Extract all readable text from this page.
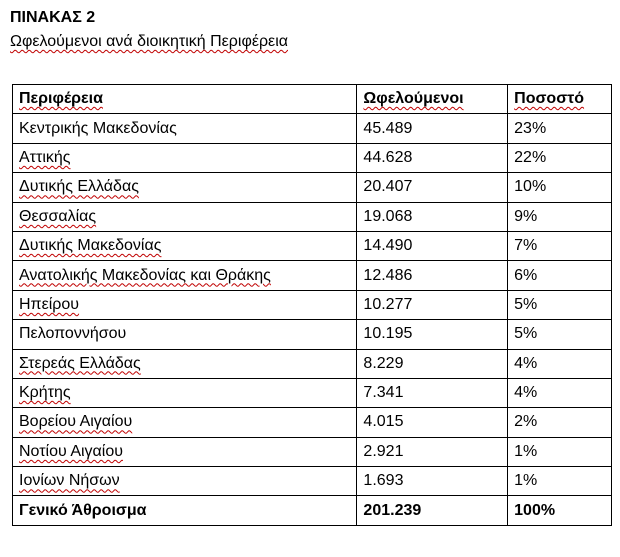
ΠΙΝΑΚΑΣ 2

Ωφελούμενοι ανά διοικητική Περιφέρεια

Περιφέρεια	Ωφελούμενοι	Ποσοστό
Κεντρικής Μακεδονίας	45.489	23%
Αττικής	44.628	22%
Δυτικής Ελλάδας	20.407	10%
Θεσσαλίας	19.068	9%
Δυτικής Μακεδονίας	14.490	7%
Ανατολικής Μακεδονίας και Θράκης	12.486	6%
Ηπείρου	10.277	5%
Πελοποννήσου	10.195	5%
Στερεάς Ελλάδας	8.229	4%
Κρήτης	7.341	4%
Βορείου Αιγαίου	4.015	2%
Νοτίου Αιγαίου	2.921	1%
Ιονίων Νήσων	1.693	1%
Γενικό Άθροισμα	201.239	100%
